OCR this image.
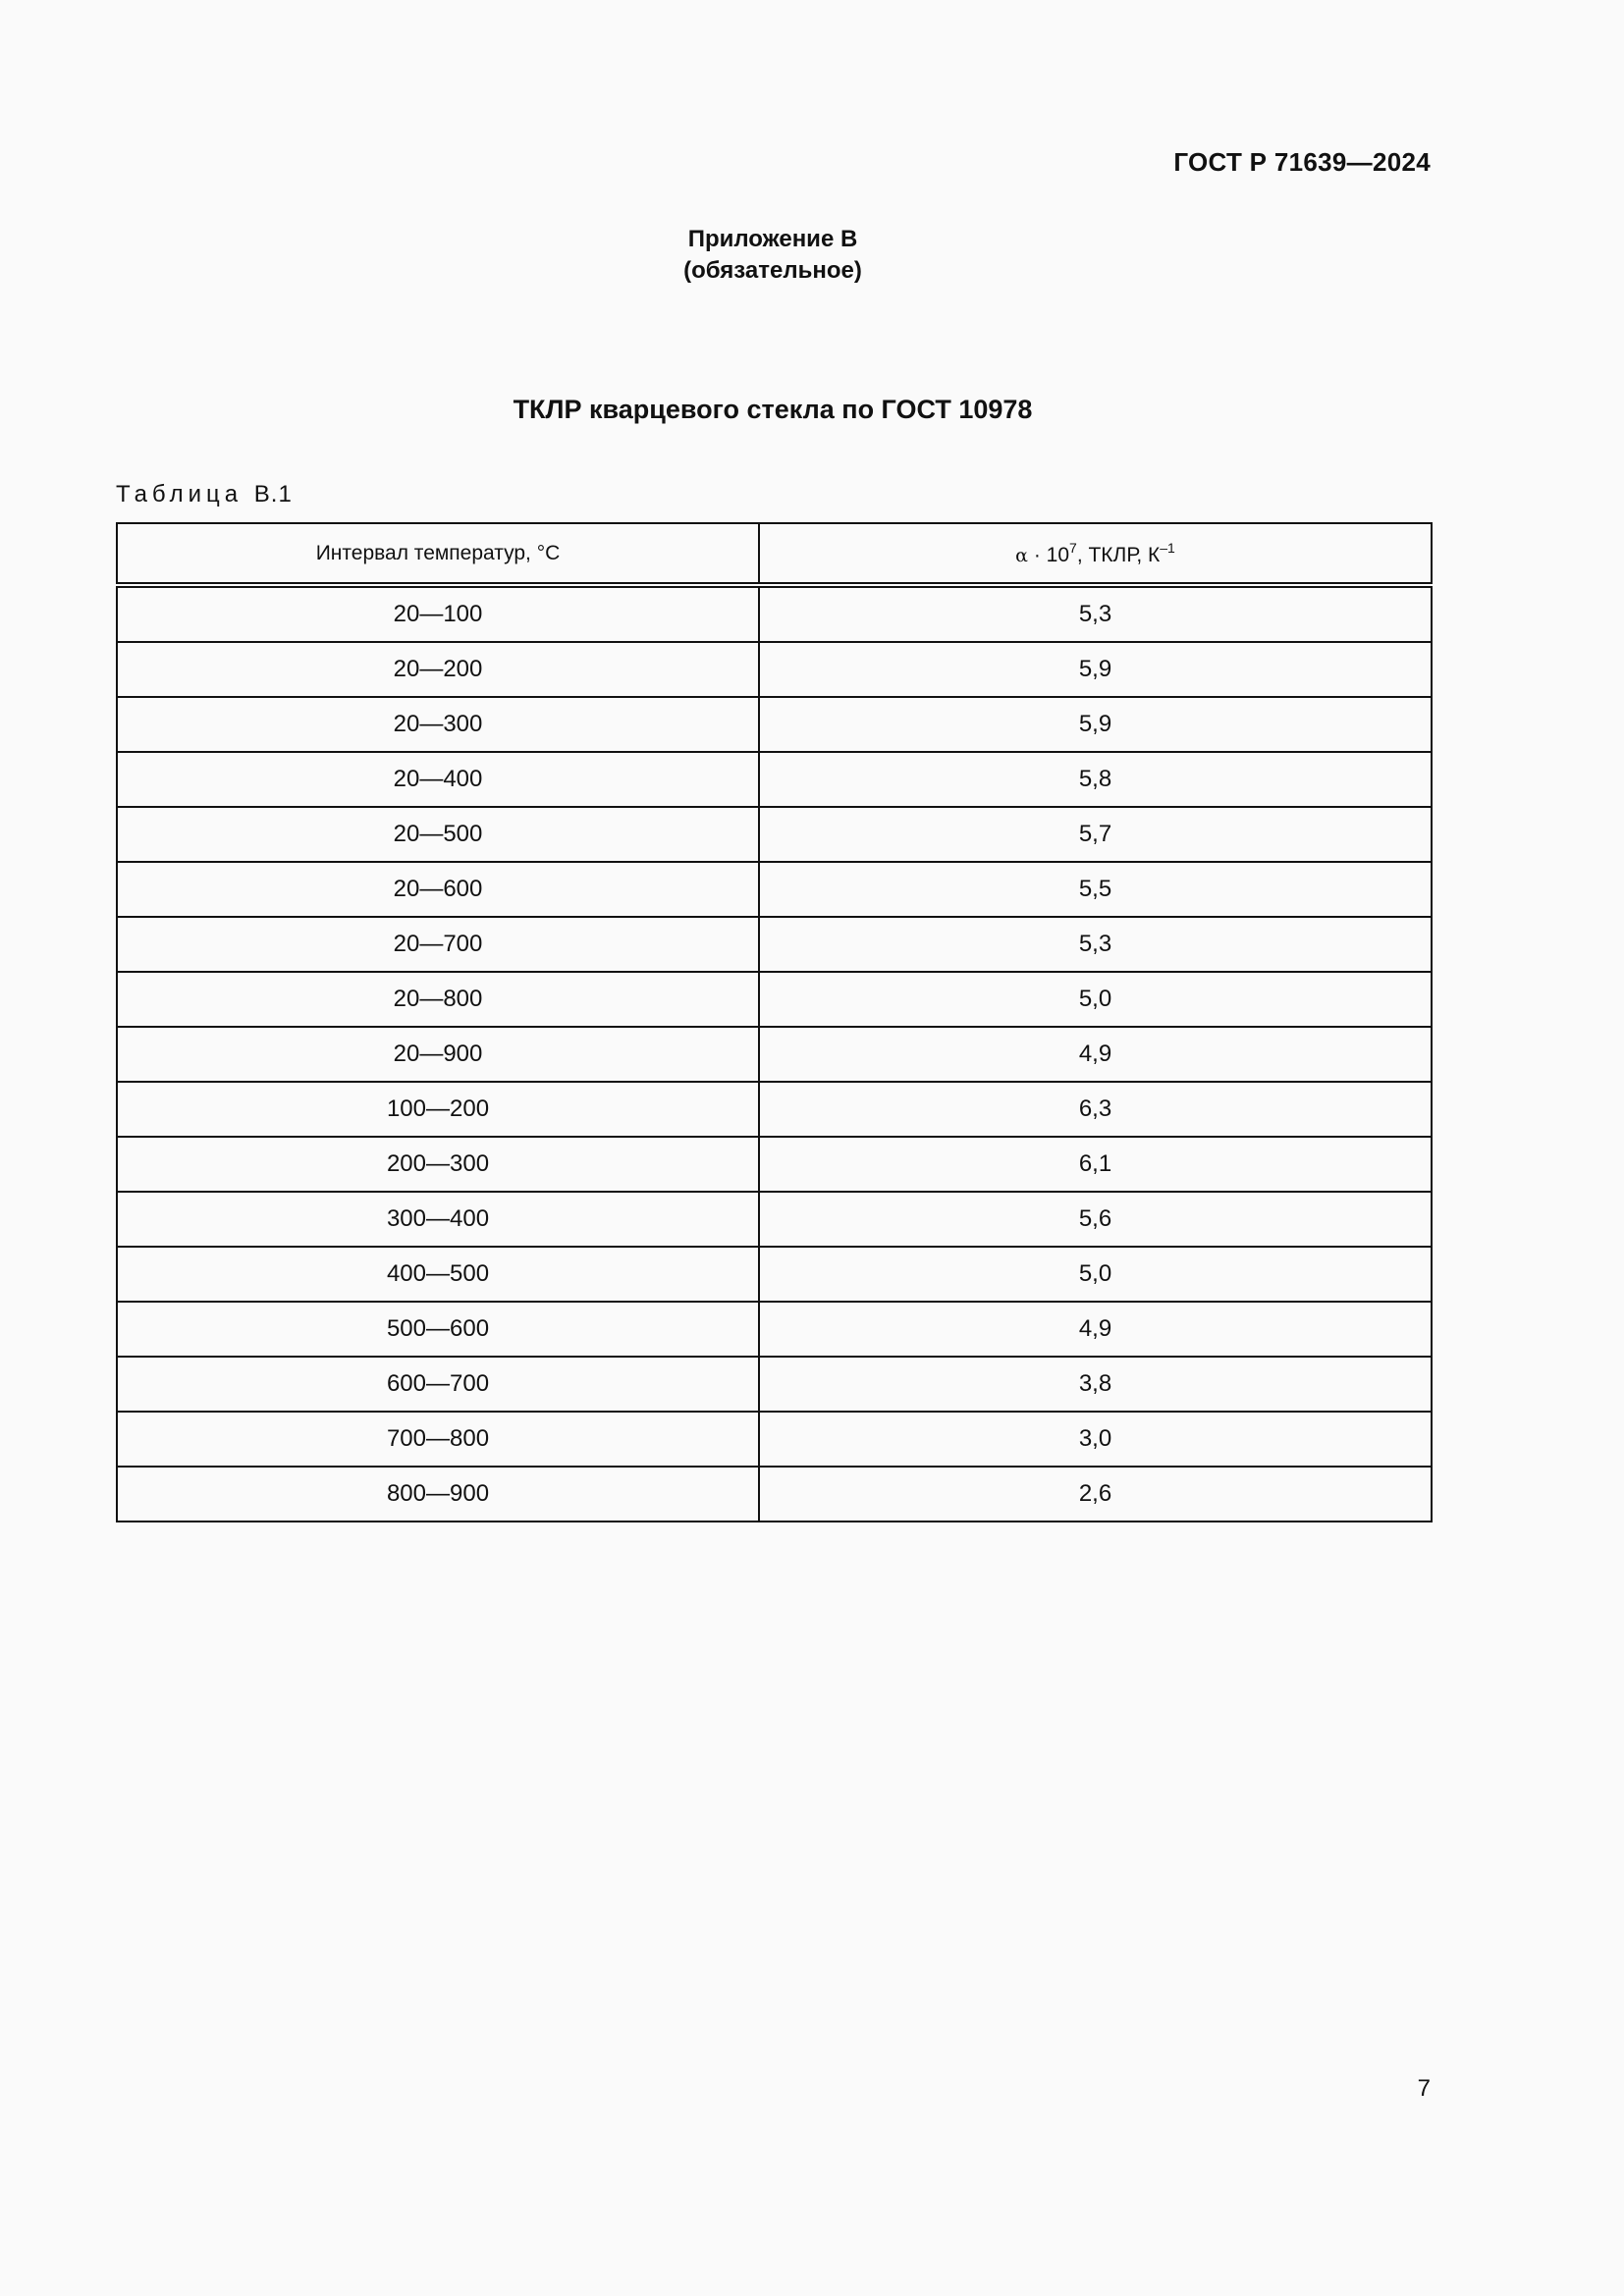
ГОСТ Р 71639—2024
Приложение В
(обязательное)
ТКЛР кварцевого стекла по ГОСТ 10978
Таблица В.1
Интервал температур, °С	$\alpha \cdot 10^7$, ТКЛР, $К^{-1}$
20—100	5,3
20—200	5,9
20—300	5,9
20—400	5,8
20—500	5,7
20—600	5,5
20—700	5,3
20—800	5,0
20—900	4,9
100—200	6,3
200—300	6,1
300—400	5,6
400—500	5,0
500—600	4,9
600—700	3,8
700—800	3,0
800—900	2,6
7
